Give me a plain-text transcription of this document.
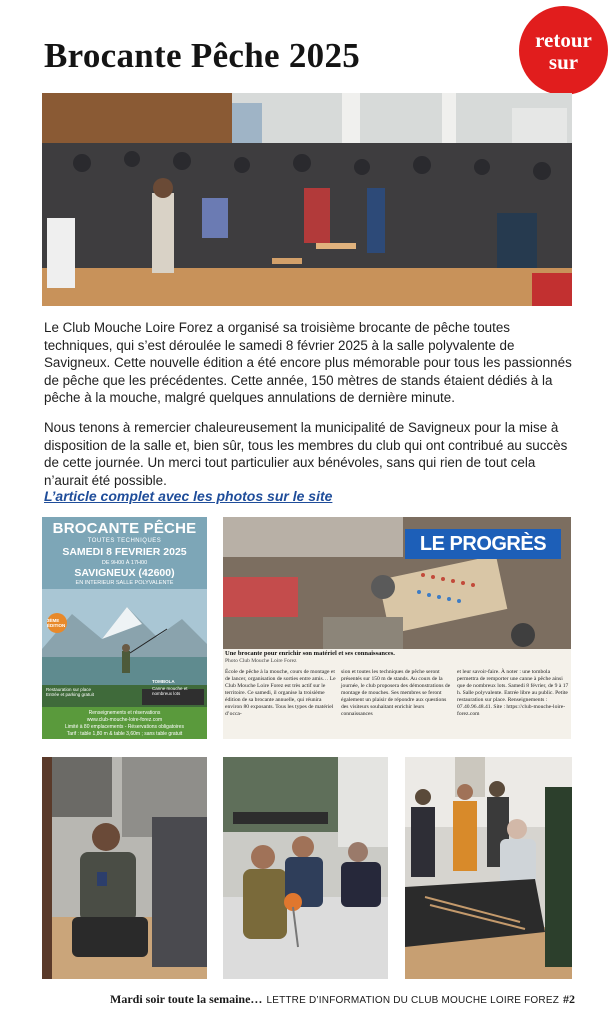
Brocante Pêche 2025	retour
sur
Le Club Mouche Loire Forez a organisé sa troisième brocante de pêche toutes techniques, qui s’est déroulée le samedi 8 février 2025 à la salle polyvalente de Savigneux. Cette nouvelle édition a été encore plus mémorable pour tous les passionnés de pêche que les précédentes. Cette année, 150 mètres de stands étaient dédiés à la pêche à la mouche, malgré quelques annulations de dernière minute.
Nous tenons à remercier chaleureusement la municipalité de Savigneux pour la mise à disposition de la salle et, bien sûr, tous les membres du club qui ont contribué au succès de cette journée. Un merci tout particulier aux bénévoles, sans qui rien de tout cela n’aurait été possible.
L’article complet avec les photos sur le site
BROCANTE PÊCHE
TOUTES TECHNIQUES
SAMEDI 8 FEVRIER 2025
DE 9H00 À 17H00
SAVIGNEUX (42600)
EN INTERIEUR SALLE POLYVALENTE
3ÈME ÉDITION
Restauration sur place Entrée et parking gratuit
TOMBOLA
Canne mouche et nombreux lots
Renseignements et réservations
www.club-mouche-loire-forez.com
Limité à 80 emplacements - Réservations obligatoires
Tarif : table 1,80 m & table 3,60m ; sans table gratuit
LE PROGRÈS
Une brocante pour enrichir son matériel et ses connaissances.
Photo Club Mouche Loire Forez
École de pêche à la mouche, cours de montage et de lancer, organisation de sorties entre amis… Le Club Mouche Loire Forez est très actif sur le territoire. Ce samedi, il organise la troisième édition de sa brocante annuelle, qui réunira environ 80 exposants. Tous les types de matériel d’occa-
sion et toutes les techniques de pêche seront présentés sur 150 m de stands. Au cours de la journée, le club proposera des démonstrations de montage de mouches. Ses membres se feront également un plaisir de répondre aux questions des visiteurs souhaitant enrichir leurs connaissances
et leur savoir-faire. À noter : une tombola permettra de remporter une canne à pêche ainsi que de nombreux lots. Samedi 8 février, de 9 à 17 h. Salle polyvalente. Entrée libre au public. Petite restauration sur place. Renseignements : 07.40.96.48.41. Site : https://club-mouche-loire-forez.com
Mardi soir toute la semaine… LETTRE D’INFORMATION DU CLUB MOUCHE LOIRE FOREZ #2
